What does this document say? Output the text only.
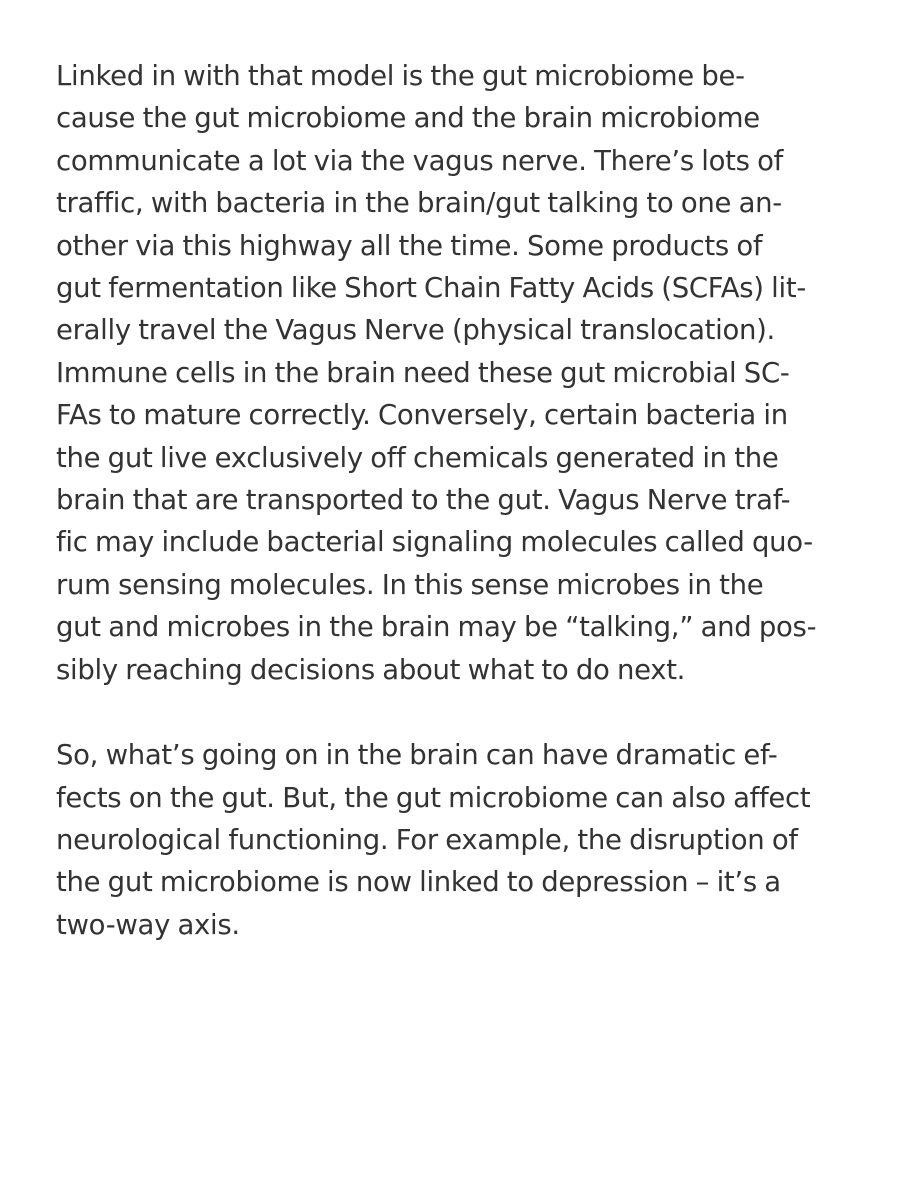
Linked in with that model is the gut microbiome be-
cause the gut microbiome and the brain microbiome
communicate a lot via the vagus nerve. There’s lots of
traffic, with bacteria in the brain/gut talking to one an-
other via this highway all the time. Some products of
gut fermentation like Short Chain Fatty Acids (SCFAs) lit-
erally travel the Vagus Nerve (physical translocation).
Immune cells in the brain need these gut microbial SC-
FAs to mature correctly. Conversely, certain bacteria in
the gut live exclusively off chemicals generated in the
brain that are transported to the gut. Vagus Nerve traf-
fic may include bacterial signaling molecules called quo-
rum sensing molecules. In this sense microbes in the
gut and microbes in the brain may be “talking,” and pos-
sibly reaching decisions about what to do next.

So, what’s going on in the brain can have dramatic ef-
fects on the gut. But, the gut microbiome can also affect
neurological functioning. For example, the disruption of
the gut microbiome is now linked to depression – it’s a
two-way axis.
